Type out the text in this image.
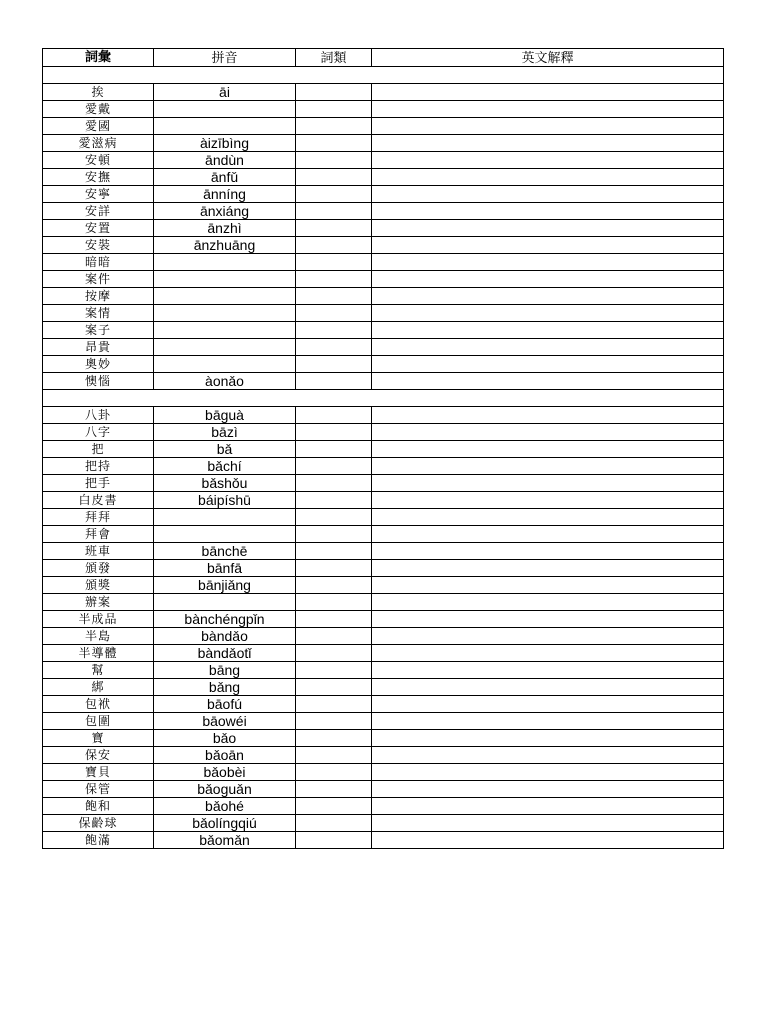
詞彙	拼音	詞類	英文解釋

挨	āi		
愛戴			
愛國			
愛滋病	àizībìng		
安頓	āndùn		
安撫	ānfǔ		
安寧	ānníng		
安詳	ānxiáng		
安置	ānzhì		
安裝	ānzhuāng		
暗暗			
案件			
按摩			
案情			
案子			
昂貴			
奧妙			
懊惱	àonǎo		

八卦	bāguà		
八字	bāzì		
把	bǎ		
把持	bǎchí		
把手	bǎshǒu		
白皮書	báipíshū		
拜拜			
拜會			
班車	bānchē		
頒發	bānfā		
頒獎	bānjiǎng		
辦案			
半成品	bànchéngpǐn		
半島	bàndǎo		
半導體	bàndǎotǐ		
幫	bāng		
綁	bǎng		
包袱	bāofú		
包圍	bāowéi		
寶	bǎo		
保安	bǎoān		
寶貝	bǎobèi		
保管	bǎoguǎn		
飽和	bǎohé		
保齡球	bǎolíngqiú		
飽滿	bǎomǎn		
